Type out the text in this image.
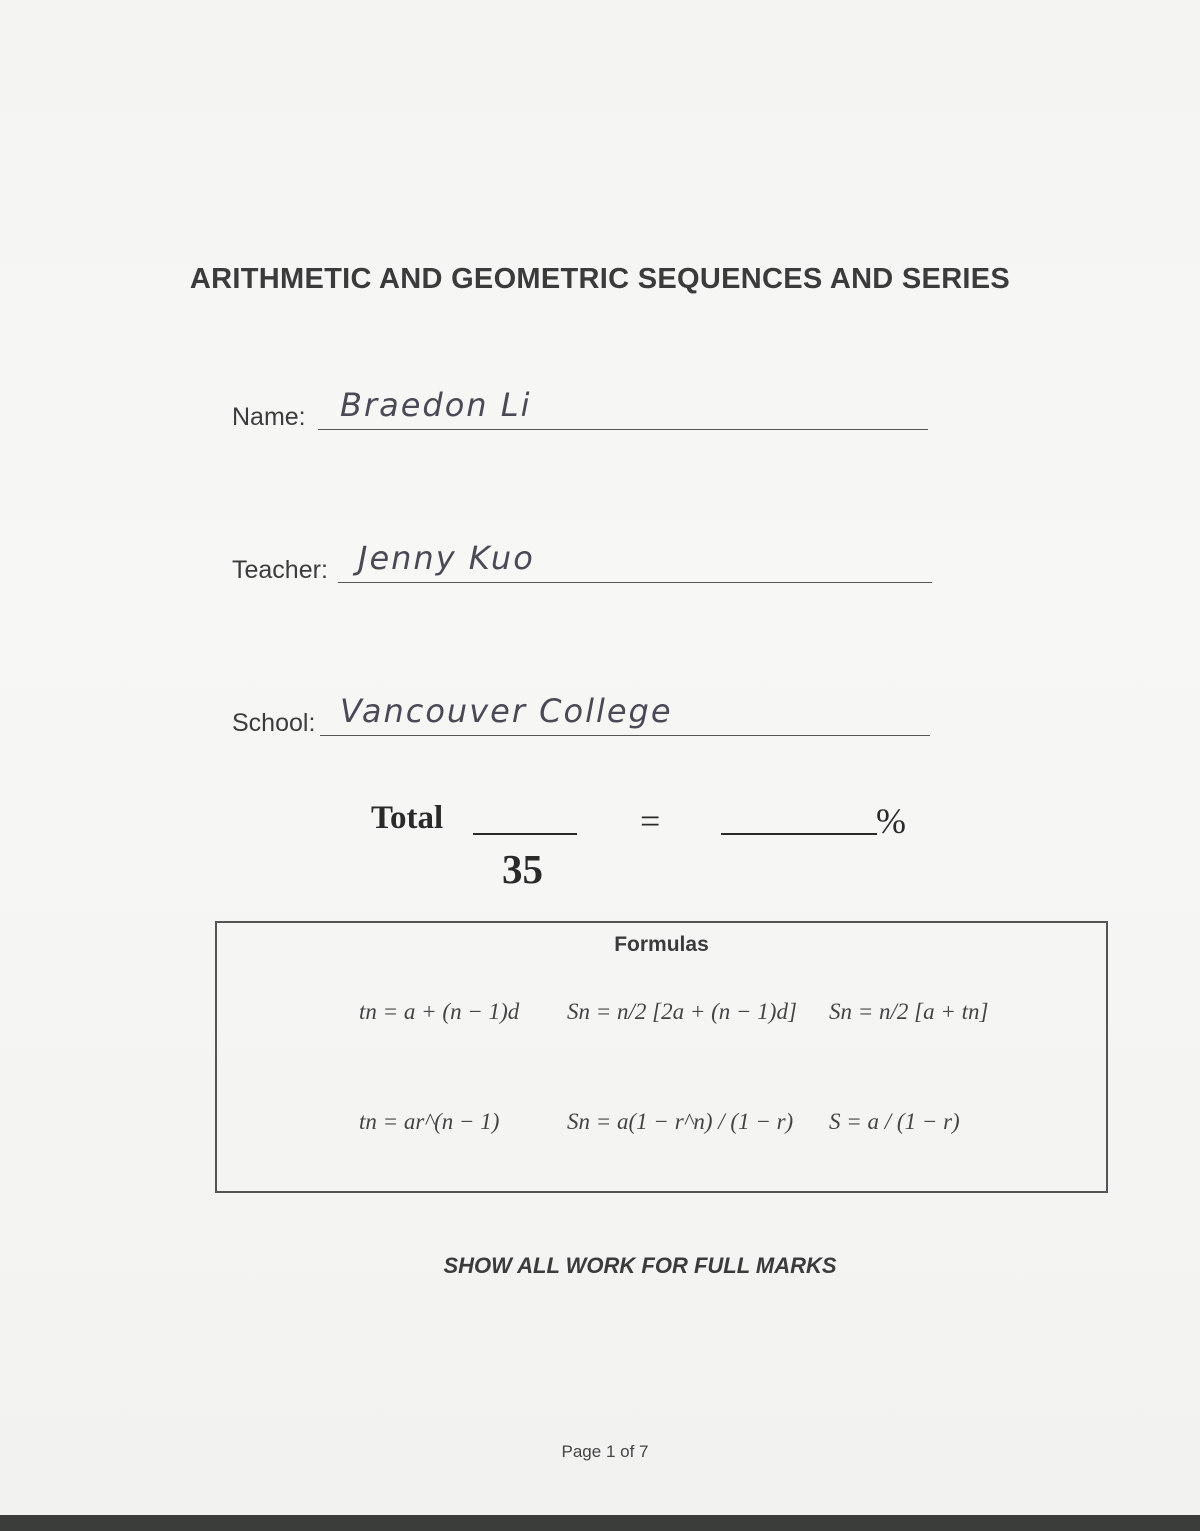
ARITHMETIC AND GEOMETRIC SEQUENCES AND SERIES
Name: Braedon Li
Teacher: Jenny Kuo
School: Vancouver College
Total
35
=	%
Formulas
tn = a + (n − 1)d Sn = n/2 [2a + (n − 1)d] Sn = n/2 [a + tn]
tn = ar^(n − 1)	Sn = a(1 − r^n) / (1 − r) S = a / (1 − r)
SHOW ALL WORK FOR FULL MARKS
Page 1 of 7
